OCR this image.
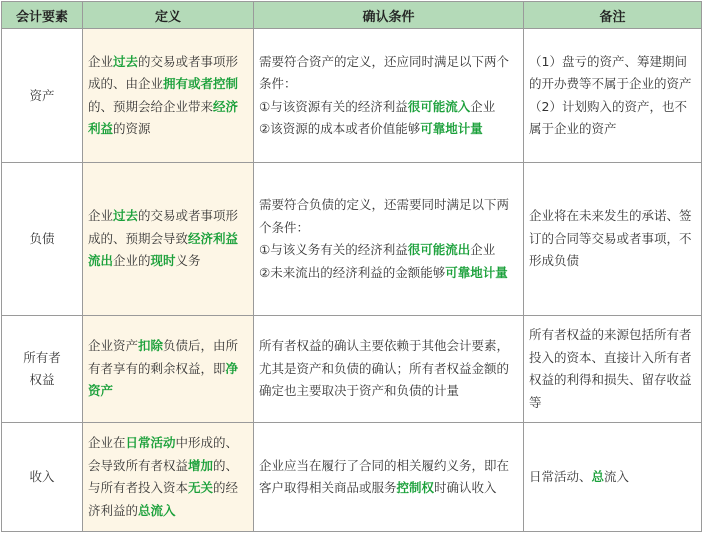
会计要素	定义	确认条件	备注

资产	企业过去的交易或者事项形成的、由企业拥有或者控制的、预期会给企业带来经济利益的资源	需要符合资产的定义，还应同时满足以下两个条件：
①与该资源有关的经济利益很可能流入企业
②该资源的成本或者价值能够可靠地计量	（1）盘亏的资产、筹建期间的开办费等不属于企业的资产
（2）计划购入的资产，也不属于企业的资产

负债	企业过去的交易或者事项形成的、预期会导致经济利益流出企业的现时义务	需要符合负债的定义，还需要同时满足以下两个条件：
①与该义务有关的经济利益很可能流出企业
②未来流出的经济利益的金额能够可靠地计量	企业将在未来发生的承诺、签订的合同等交易或者事项，不形成负债

所有者
权益	企业资产扣除负债后，由所有者享有的剩余权益，即净资产	所有者权益的确认主要依赖于其他会计要素，尤其是资产和负债的确认；所有者权益金额的确定也主要取决于资产和负债的计量	所有者权益的来源包括所有者投入的资本、直接计入所有者权益的利得和损失、留存收益等

收入	企业在日常活动中形成的、会导致所有者权益增加的、与所有者投入资本无关的经济利益的总流入	企业应当在履行了合同的相关履约义务，即在客户取得相关商品或服务控制权时确认收入	日常活动、总流入
